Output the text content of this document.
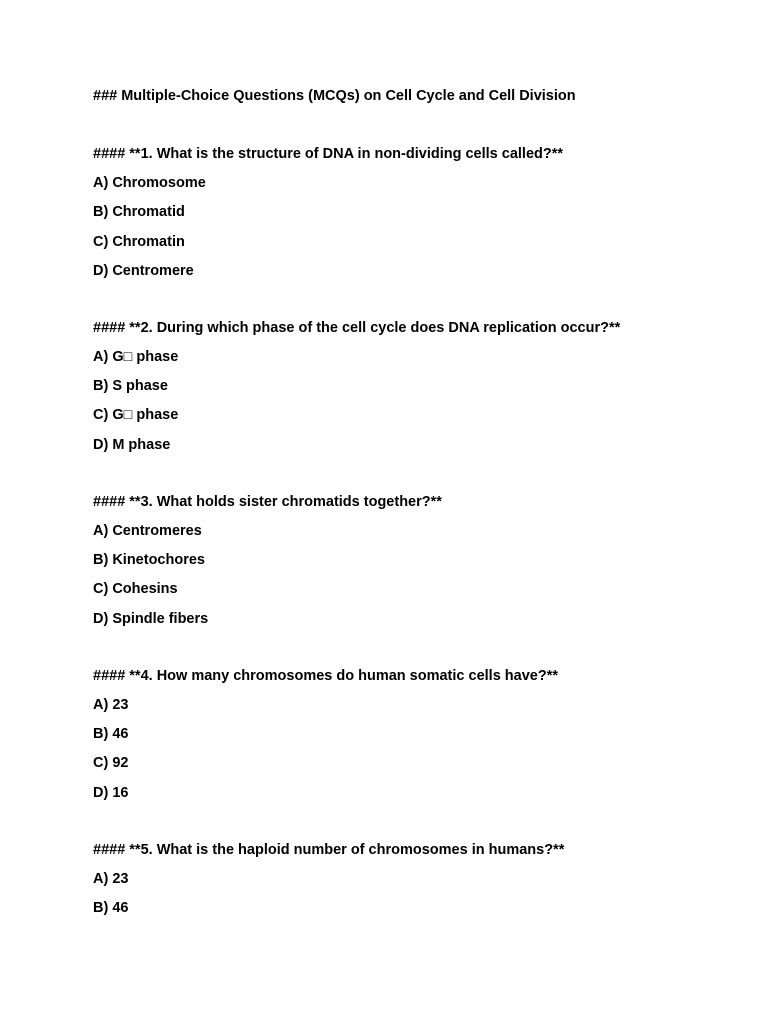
### Multiple-Choice Questions (MCQs) on Cell Cycle and Cell Division
#### **1. What is the structure of DNA in non-dividing cells called?**
A) Chromosome
B) Chromatid
C) Chromatin
D) Centromere
#### **2. During which phase of the cell cycle does DNA replication occur?**
A) G□ phase
B) S phase
C) G□ phase
D) M phase
#### **3. What holds sister chromatids together?**
A) Centromeres
B) Kinetochores
C) Cohesins
D) Spindle fibers
#### **4. How many chromosomes do human somatic cells have?**
A) 23
B) 46
C) 92
D) 16
#### **5. What is the haploid number of chromosomes in humans?**
A) 23
B) 46
